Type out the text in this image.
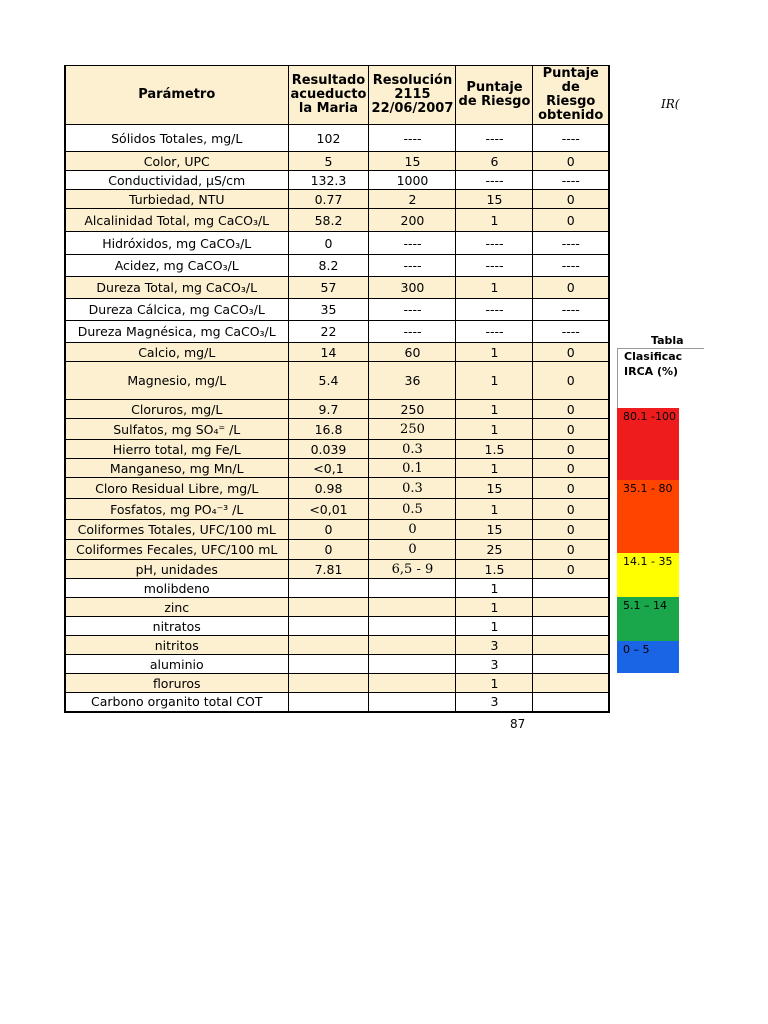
Parámetro	Resultado acueducto la Maria	Resolución 2115 22/06/2007	Puntaje de Riesgo	Puntaje de Riesgo obtenido
Sólidos Totales, mg/L	102	----	----	----
Color, UPC	5	15	6	0
Conductividad, µS/cm	132.3	1000	----	----
Turbiedad, NTU	0.77	2	15	0
Alcalinidad Total, mg CaCO₃/L	58.2	200	1	0
Hidróxidos, mg CaCO₃/L	0	----	----	----
Acidez, mg CaCO₃/L	8.2	----	----	----
Dureza Total, mg CaCO₃/L	57	300	1	0
Dureza Cálcica, mg CaCO₃/L	35	----	----	----
Dureza Magnésica, mg CaCO₃/L	22	----	----	----
Calcio, mg/L	14	60	1	0
Magnesio, mg/L	5.4	36	1	0
Cloruros, mg/L	9.7	250	1	0
Sulfatos, mg SO₄⁼ /L	16.8	250	1	0
Hierro total, mg Fe/L	0.039	0.3	1.5	0
Manganeso, mg Mn/L	<0,1	0.1	1	0
Cloro Residual Libre, mg/L	0.98	0.3	15	0
Fosfatos, mg PO₄⁻³ /L	<0,01	0.5	1	0
Coliformes Totales, UFC/100 mL	0	0	15	0
Coliformes Fecales, UFC/100 mL	0	0	25	0
pH, unidades	7.81	6,5 - 9	1.5	0
molibdeno			1	
zinc			1	
nitratos			1	
nitritos			3	
aluminio			3	
floruros			1	
Carbono organito total COT			3	
87
IR(
Tabla
Clasificac
IRCA (%)
80.1 -100
35.1 - 80
14.1 - 35
5.1 – 14
0 – 5
